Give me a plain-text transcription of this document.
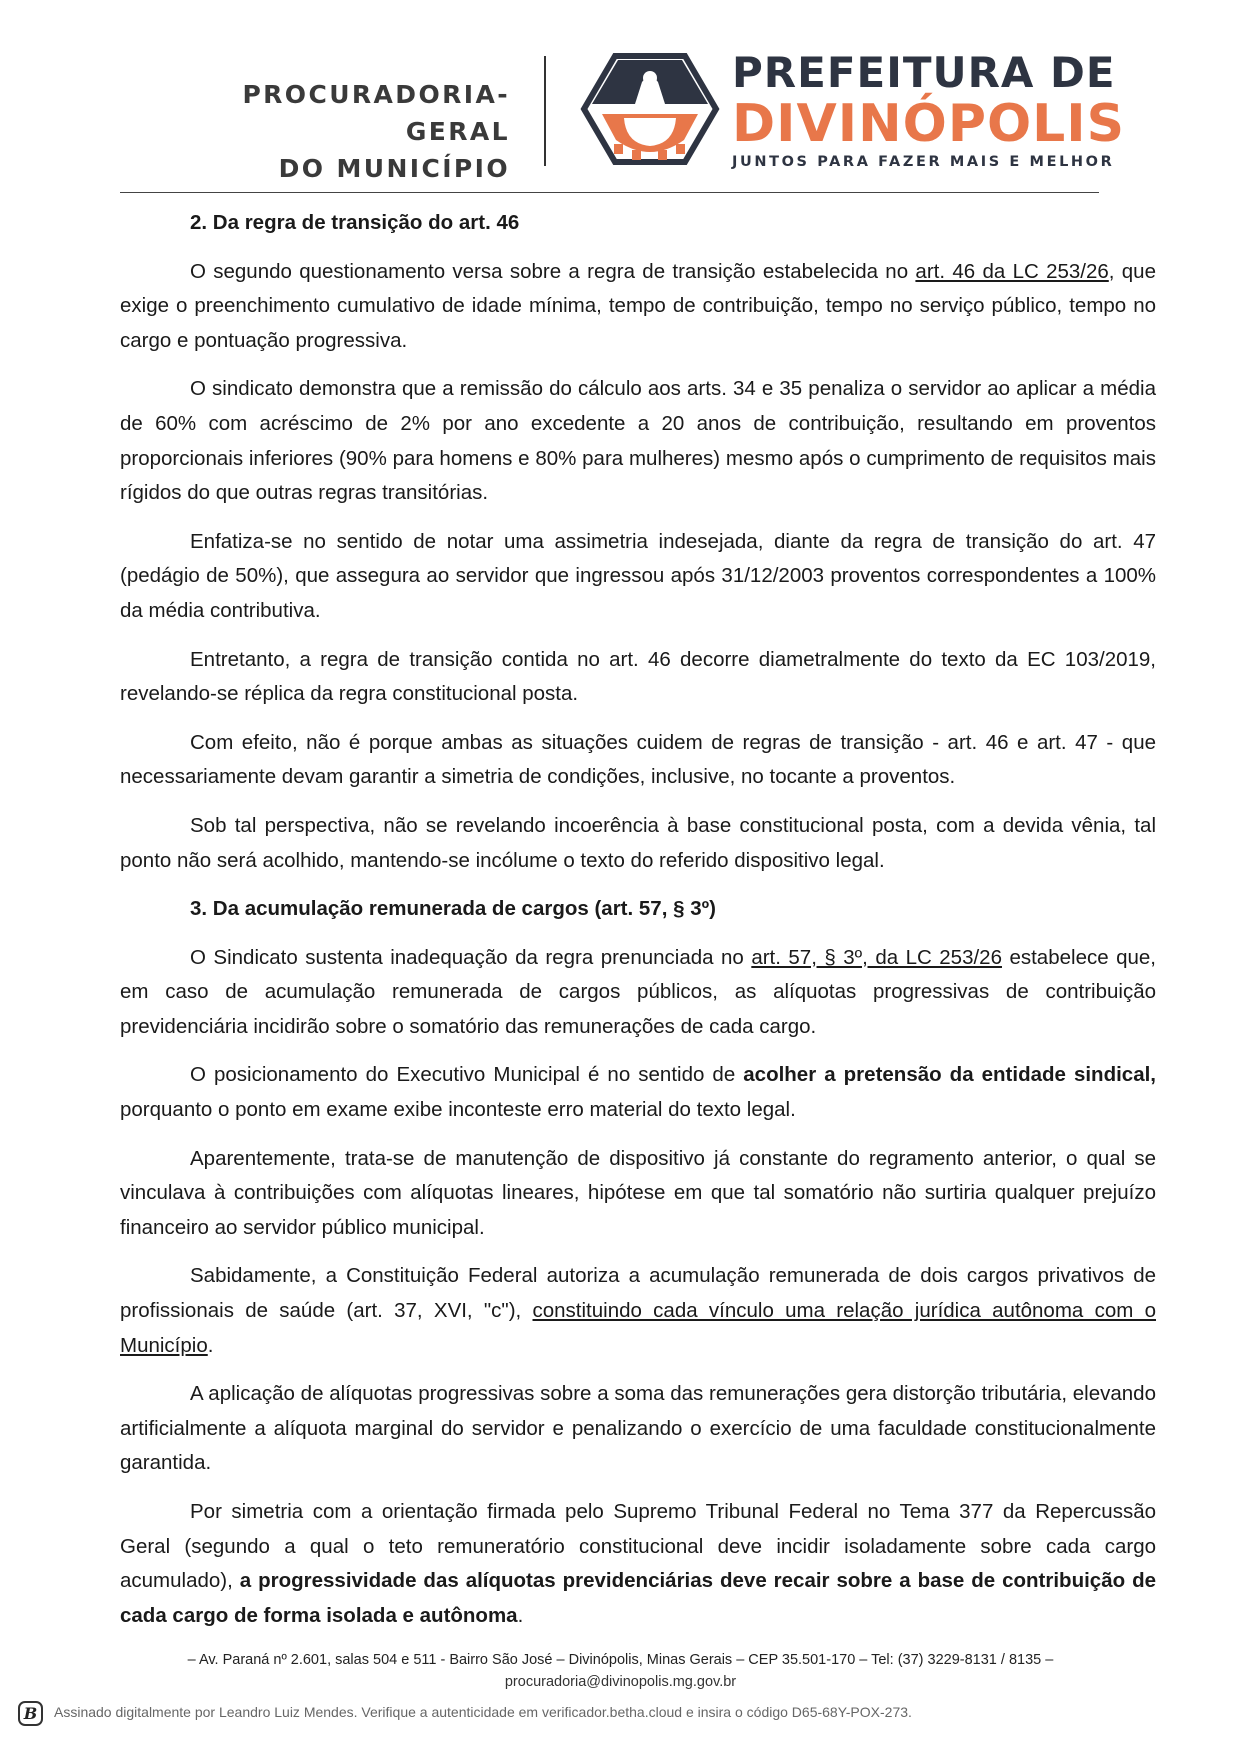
PROCURADORIA-GERAL
DO MUNICÍPIO
PREFEITURA DE
DIVINÓPOLIS
JUNTOS PARA FAZER MAIS E MELHOR

2. Da regra de transição do art. 46

O segundo questionamento versa sobre a regra de transição estabelecida no art. 46 da LC 253/26, que exige o preenchimento cumulativo de idade mínima, tempo de contribuição, tempo no serviço público, tempo no cargo e pontuação progressiva.

O sindicato demonstra que a remissão do cálculo aos arts. 34 e 35 penaliza o servidor ao aplicar a média de 60% com acréscimo de 2% por ano excedente a 20 anos de contribuição, resultando em proventos proporcionais inferiores (90% para homens e 80% para mulheres) mesmo após o cumprimento de requisitos mais rígidos do que outras regras transitórias.

Enfatiza-se no sentido de notar uma assimetria indesejada, diante da regra de transição do art. 47 (pedágio de 50%), que assegura ao servidor que ingressou após 31/12/2003 proventos correspondentes a 100% da média contributiva.

Entretanto, a regra de transição contida no art. 46 decorre diametralmente do texto da EC 103/2019, revelando-se réplica da regra constitucional posta.

Com efeito, não é porque ambas as situações cuidem de regras de transição - art. 46 e art. 47 - que necessariamente devam garantir a simetria de condições, inclusive, no tocante a proventos.

Sob tal perspectiva, não se revelando incoerência à base constitucional posta, com a devida vênia, tal ponto não será acolhido, mantendo-se incólume o texto do referido dispositivo legal.

3. Da acumulação remunerada de cargos (art. 57, § 3º)

O Sindicato sustenta inadequação da regra prenunciada no art. 57, § 3º, da LC 253/26 estabelece que, em caso de acumulação remunerada de cargos públicos, as alíquotas progressivas de contribuição previdenciária incidirão sobre o somatório das remunerações de cada cargo.

O posicionamento do Executivo Municipal é no sentido de acolher a pretensão da entidade sindical, porquanto o ponto em exame exibe inconteste erro material do texto legal.

Aparentemente, trata-se de manutenção de dispositivo já constante do regramento anterior, o qual se vinculava à contribuições com alíquotas lineares, hipótese em que tal somatório não surtiria qualquer prejuízo financeiro ao servidor público municipal.

Sabidamente, a Constituição Federal autoriza a acumulação remunerada de dois cargos privativos de profissionais de saúde (art. 37, XVI, "c"), constituindo cada vínculo uma relação jurídica autônoma com o Município.

A aplicação de alíquotas progressivas sobre a soma das remunerações gera distorção tributária, elevando artificialmente a alíquota marginal do servidor e penalizando o exercício de uma faculdade constitucionalmente garantida.

Por simetria com a orientação firmada pelo Supremo Tribunal Federal no Tema 377 da Repercussão Geral (segundo a qual o teto remuneratório constitucional deve incidir isoladamente sobre cada cargo acumulado), a progressividade das alíquotas previdenciárias deve recair sobre a base de contribuição de cada cargo de forma isolada e autônoma.

– Av. Paraná nº 2.601, salas 504 e 511 - Bairro São José – Divinópolis, Minas Gerais – CEP 35.501-170 – Tel: (37) 3229-8131 / 8135 –
procuradoria@divinopolis.mg.gov.br
B	Assinado digitalmente por Leandro Luiz Mendes. Verifique a autenticidade em verificador.betha.cloud e insira o código D65-68Y-POX-273.
